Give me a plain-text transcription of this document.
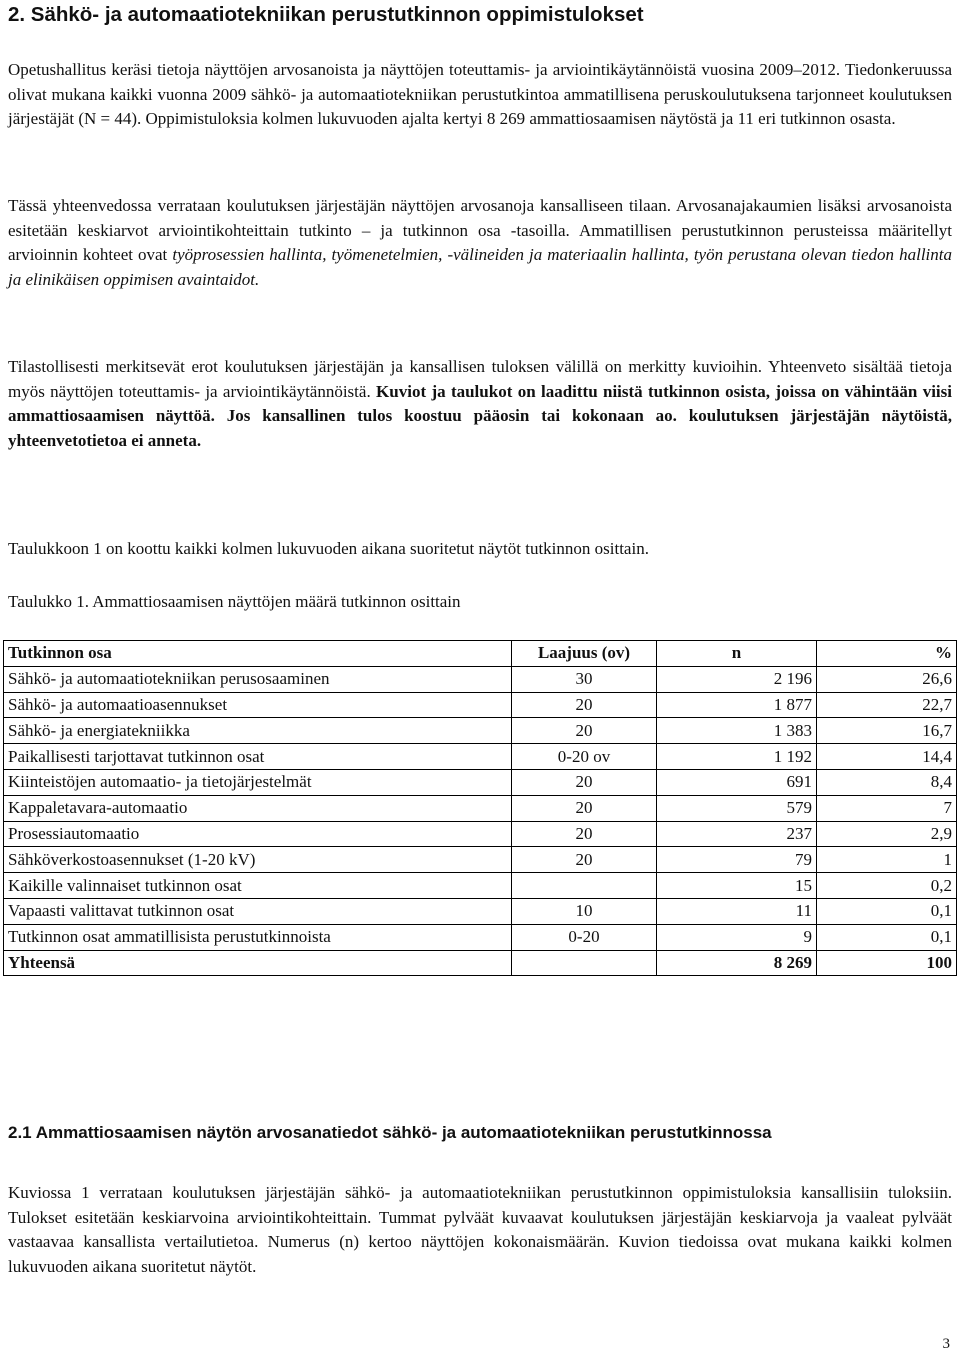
2. Sähkö- ja automaatiotekniikan perustutkinnon oppimistulokset

Opetushallitus keräsi tietoja näyttöjen arvosanoista ja näyttöjen toteuttamis- ja arviointikäytännöistä vuosina 2009–2012. Tiedonkeruussa olivat mukana kaikki vuonna 2009 sähkö- ja automaatiotekniikan perustutkintoa ammatillisena peruskoulutuksena tarjonneet koulutuksen järjestäjät (N = 44). Oppimistuloksia kolmen lukuvuoden ajalta kertyi 8 269 ammattiosaamisen näytöstä ja 11 eri tutkinnon osasta.

Tässä yhteenvedossa verrataan koulutuksen järjestäjän näyttöjen arvosanoja kansalliseen tilaan. Arvosanajakaumien lisäksi arvosanoista esitetään keskiarvot arviointikohteittain tutkinto – ja tutkinnon osa -tasoilla. Ammatillisen perustutkinnon perusteissa määritellyt arvioinnin kohteet ovat työprosessien hallinta, työmenetelmien, -välineiden ja materiaalin hallinta, työn perustana olevan tiedon hallinta ja elinikäisen oppimisen avaintaidot.

Tilastollisesti merkitsevät erot koulutuksen järjestäjän ja kansallisen tuloksen välillä on merkitty kuvioihin. Yhteenveto sisältää tietoja myös näyttöjen toteuttamis- ja arviointikäytännöistä. Kuviot ja taulukot on laadittu niistä tutkinnon osista, joissa on vähintään viisi ammattiosaamisen näyttöä. Jos kansallinen tulos koostuu pääosin tai kokonaan ao. koulutuksen järjestäjän näytöistä, yhteenvetotietoa ei anneta.

Taulukkoon 1 on koottu kaikki kolmen lukuvuoden aikana suoritetut näytöt tutkinnon osittain.

Taulukko 1. Ammattiosaamisen näyttöjen määrä tutkinnon osittain

Tutkinnon osa	Laajuus (ov)	n	%
Sähkö- ja automaatiotekniikan perusosaaminen	30	2 196	26,6
Sähkö- ja automaatioasennukset	20	1 877	22,7
Sähkö- ja energiatekniikka	20	1 383	16,7
Paikallisesti tarjottavat tutkinnon osat	0-20 ov	1 192	14,4
Kiinteistöjen automaatio- ja tietojärjestelmät	20	691	8,4
Kappaletavara-automaatio	20	579	7
Prosessiautomaatio	20	237	2,9
Sähköverkostoasennukset (1-20 kV)	20	79	1
Kaikille valinnaiset tutkinnon osat		15	0,2
Vapaasti valittavat tutkinnon osat	10	11	0,1
Tutkinnon osat ammatillisista perustutkinnoista	0-20	9	0,1
Yhteensä		8 269	100
2.1 Ammattiosaamisen näytön arvosanatiedot sähkö- ja automaatiotekniikan perustutkinnossa

Kuviossa 1 verrataan koulutuksen järjestäjän sähkö- ja automaatiotekniikan perustutkinnon oppimistuloksia kansallisiin tuloksiin. Tulokset esitetään keskiarvoina arviointikohteittain. Tummat pylväät kuvaavat koulutuksen järjestäjän keskiarvoja ja vaaleat pylväät vastaavaa kansallista vertailutietoa. Numerus (n) kertoo näyttöjen kokonaismäärän. Kuvion tiedoissa ovat mukana kaikki kolmen lukuvuoden aikana suoritetut näytöt.

3
